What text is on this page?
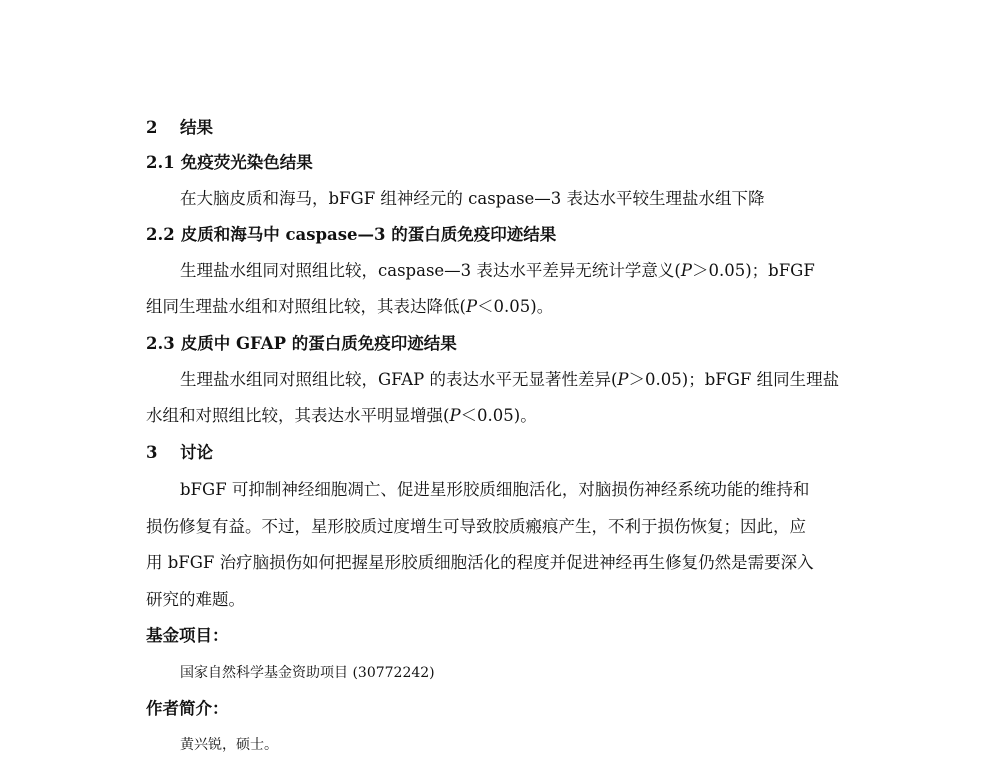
2 结果
2.1 免疫荧光染色结果
在大脑皮质和海马，bFGF 组神经元的 caspase—3 表达水平较生理盐水组下降
2.2 皮质和海马中 caspase—3 的蛋白质免疫印迹结果
生理盐水组同对照组比较，caspase—3 表达水平差异无统计学意义(P＞0.05)；bFGF
组同生理盐水组和对照组比较，其表达降低(P＜0.05)。
2.3 皮质中 GFAP 的蛋白质免疫印迹结果
生理盐水组同对照组比较，GFAP 的表达水平无显著性差异(P＞0.05)；bFGF 组同生理盐
水组和对照组比较，其表达水平明显增强(P＜0.05)。
3 讨论
bFGF 可抑制神经细胞凋亡、促进星形胶质细胞活化，对脑损伤神经系统功能的维持和
损伤修复有益。不过，星形胶质过度增生可导致胶质瘢痕产生，不利于损伤恢复；因此，应
用 bFGF 治疗脑损伤如何把握星形胶质细胞活化的程度并促进神经再生修复仍然是需要深入
研究的难题。
基金项目：
国家自然科学基金资助项目 (30772242)
作者简介：
黄兴锐，硕士。
